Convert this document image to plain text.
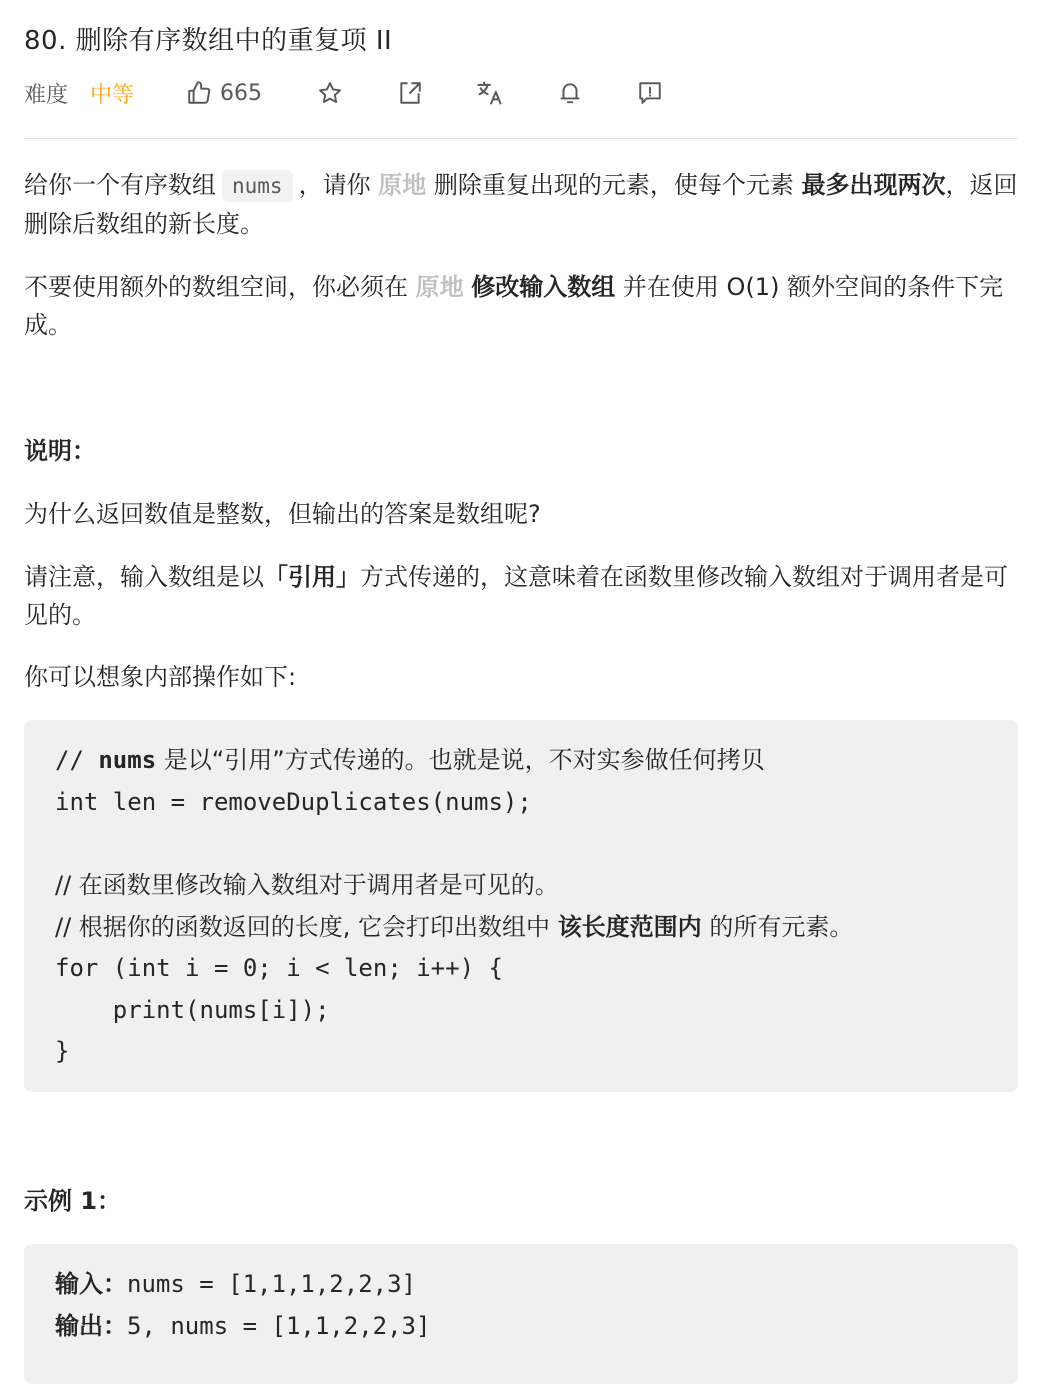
80. 删除有序数组中的重复项 II
难度 中等	665

给你一个有序数组 nums ，请你 原地 删除重复出现的元素，使每个元素 最多出现两次，返回删除后数组的新长度。

不要使用额外的数组空间，你必须在 原地 修改输入数组 并在使用 O(1) 额外空间的条件下完成。

说明：

为什么返回数值是整数，但输出的答案是数组呢?

请注意，输入数组是以「引用」方式传递的，这意味着在函数里修改输入数组对于调用者是可见的。

你可以想象内部操作如下:

// nums 是以“引用”方式传递的。也就是说，不对实参做任何拷贝
int len = removeDuplicates(nums);
// 在函数里修改输入数组对于调用者是可见的。
// 根据你的函数返回的长度, 它会打印出数组中 该长度范围内 的所有元素。
for (int i = 0; i < len; i++) {
print(nums[i]);
}
示例 1：
输入：nums = [1,1,1,2,2,3]
输出：5, nums = [1,1,2,2,3]
